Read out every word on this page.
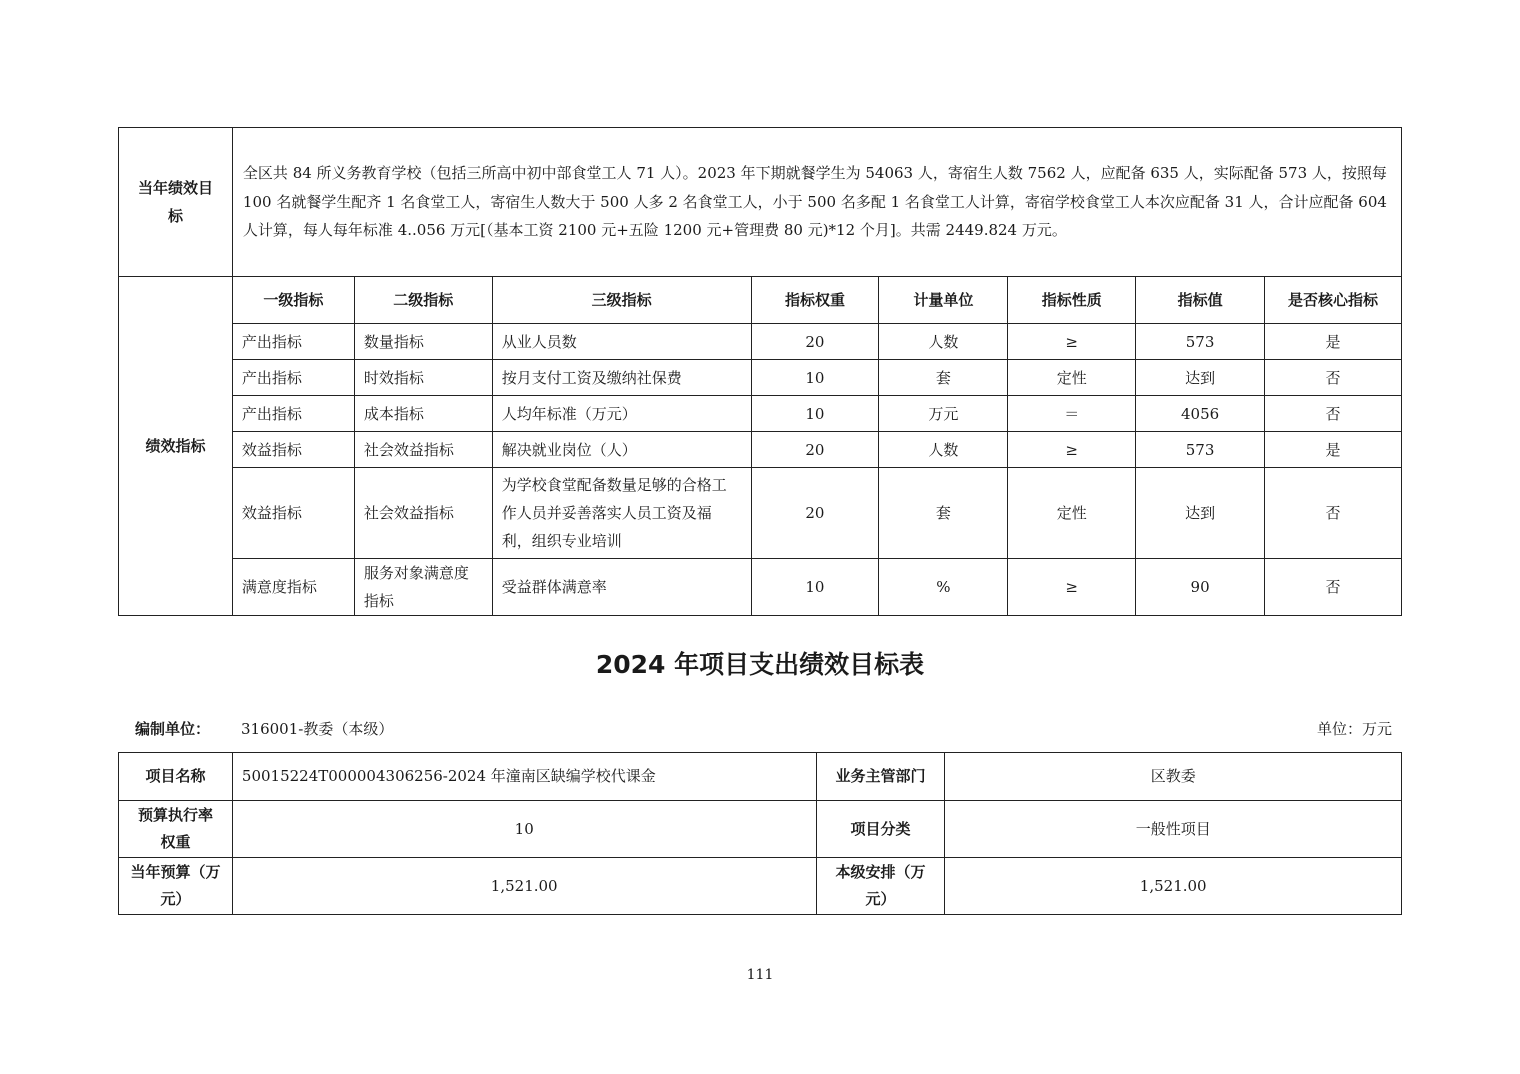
当年绩效目标	全区共 84 所义务教育学校（包括三所高中初中部食堂工人 71 人）。2023 年下期就餐学生为 54063 人，寄宿生人数 7562 人，应配备 635 人，实际配备 573 人，按照每 100 名就餐学生配齐 1 名食堂工人，寄宿生人数大于 500 人多 2 名食堂工人，小于 500 名多配 1 名食堂工人计算，寄宿学校食堂工人本次应配备 31 人，合计应配备 604 人计算，每人每年标准 4..056 万元[（基本工资 2100 元+五险 1200 元+管理费 80 元)*12 个月]。共需 2449.824 万元。							
绩效指标	一级指标	二级指标	三级指标	指标权重	计量单位	指标性质	指标值	是否核心指标
	产出指标	数量指标	从业人员数	20	人数	≥	573	是
	产出指标	时效指标	按月支付工资及缴纳社保费	10	套	定性	达到	否
	产出指标	成本指标	人均年标准（万元）	10	万元	＝	4056	否
	效益指标	社会效益指标	解决就业岗位（人）	20	人数	≥	573	是
	效益指标	社会效益指标	为学校食堂配备数量足够的合格工作人员并妥善落实人员工资及福利，组织专业培训	20	套	定性	达到	否
	满意度指标	服务对象满意度指标	受益群体满意率	10	%	≥	90	否
2024 年项目支出绩效目标表
编制单位： 316001-教委（本级）	单位：万元
项目名称	50015224T000004306256-2024 年潼南区缺编学校代课金	业务主管部门	区教委
预算执行率权重	10	项目分类	一般性项目
当年预算（万元）	1,521.00	本级安排（万元）	1,521.00
111
